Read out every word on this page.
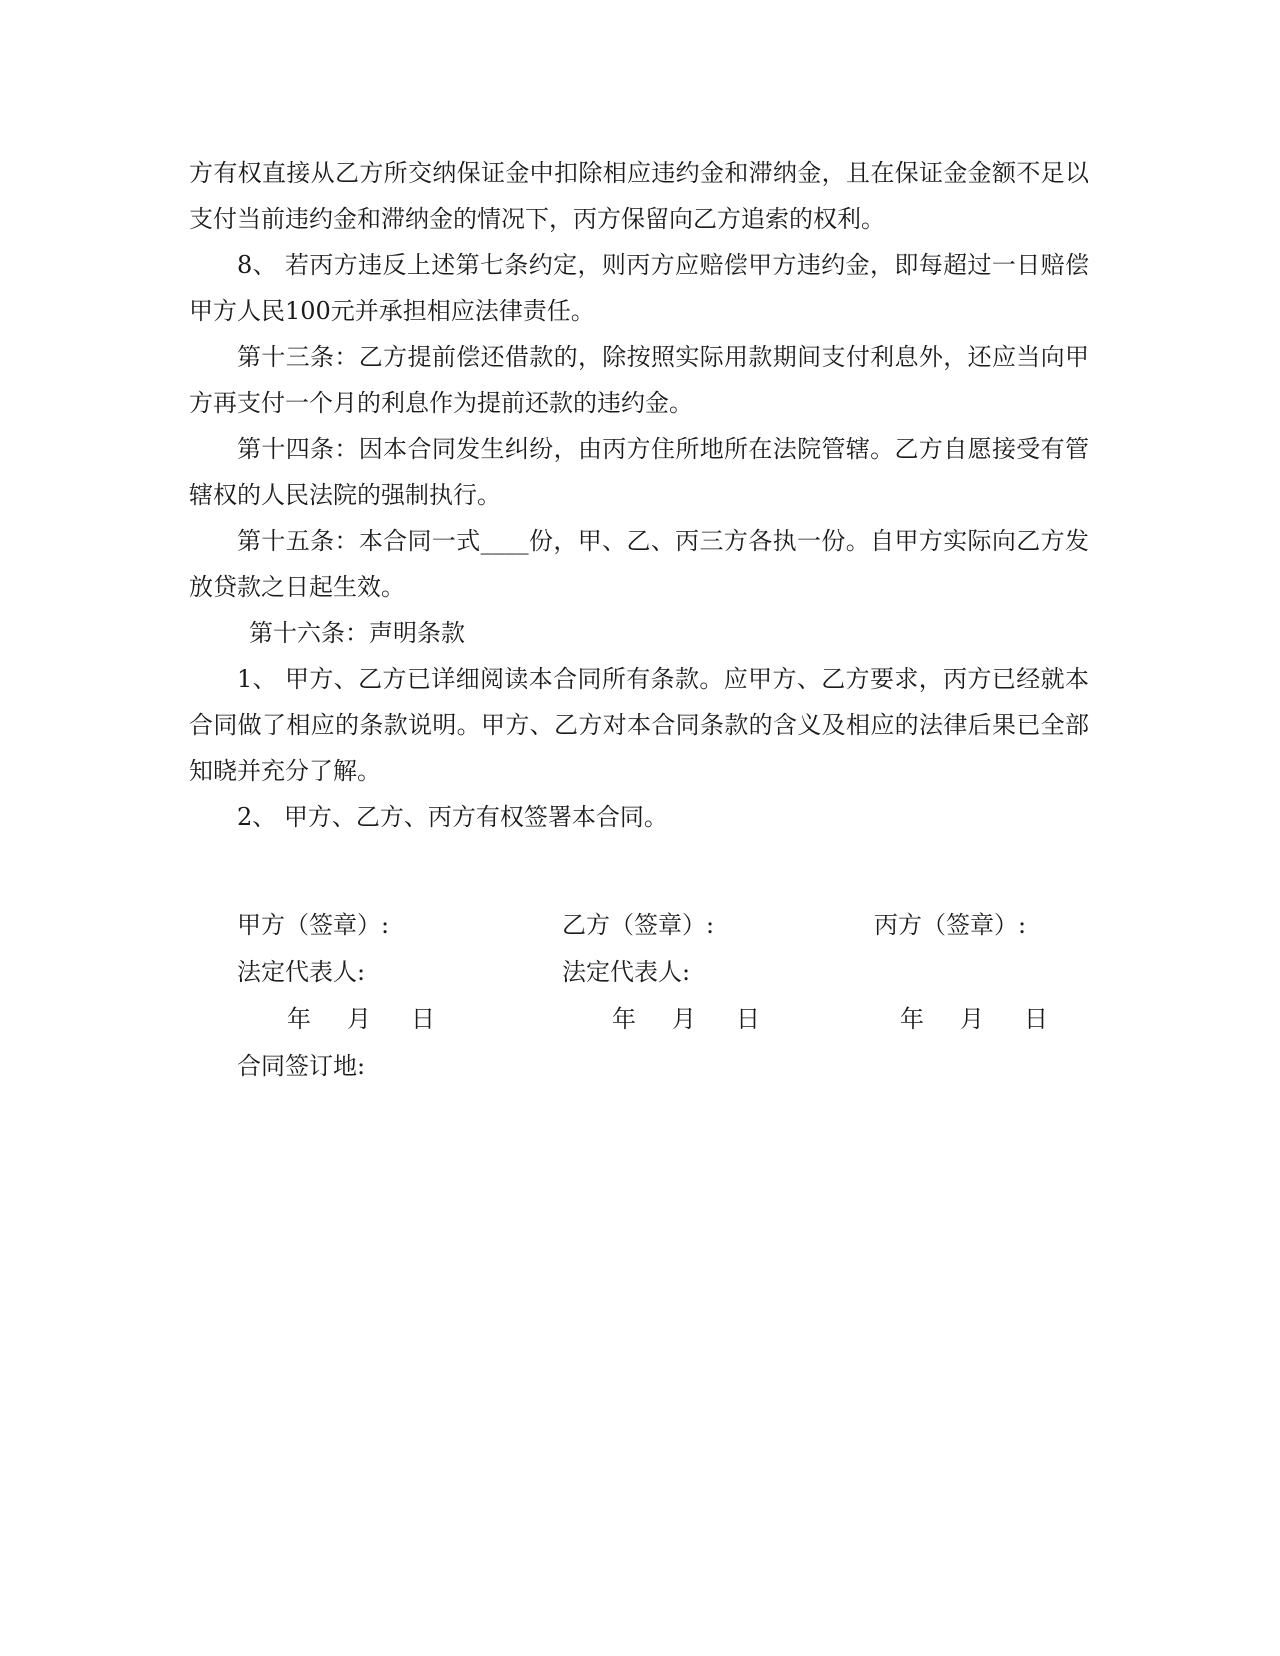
方有权直接从乙方所交纳保证金中扣除相应违约金和滞纳金，且在保证金金额不足以支付当前违约金和滞纳金的情况下，丙方保留向乙方追索的权利。

8、 若丙方违反上述第七条约定，则丙方应赔偿甲方违约金，即每超过一日赔偿甲方人民100元并承担相应法律责任。

第十三条：乙方提前偿还借款的，除按照实际用款期间支付利息外，还应当向甲方再支付一个月的利息作为提前还款的违约金。

第十四条：因本合同发生纠纷，由丙方住所地所在法院管辖。乙方自愿接受有管辖权的人民法院的强制执行。

第十五条：本合同一式____份，甲、乙、丙三方各执一份。自甲方实际向乙方发放贷款之日起生效。

第十六条：声明条款

1、 甲方、乙方已详细阅读本合同所有条款。应甲方、乙方要求，丙方已经就本合同做了相应的条款说明。甲方、乙方对本合同条款的含义及相应的法律后果已全部知晓并充分了解。

2、 甲方、乙方、丙方有权签署本合同。

甲方（签章）:	乙方（签章）:	丙方（签章）:
法定代表人:	法定代表人:
年	月	日	年	月	日	年	月	日
合同签订地:
